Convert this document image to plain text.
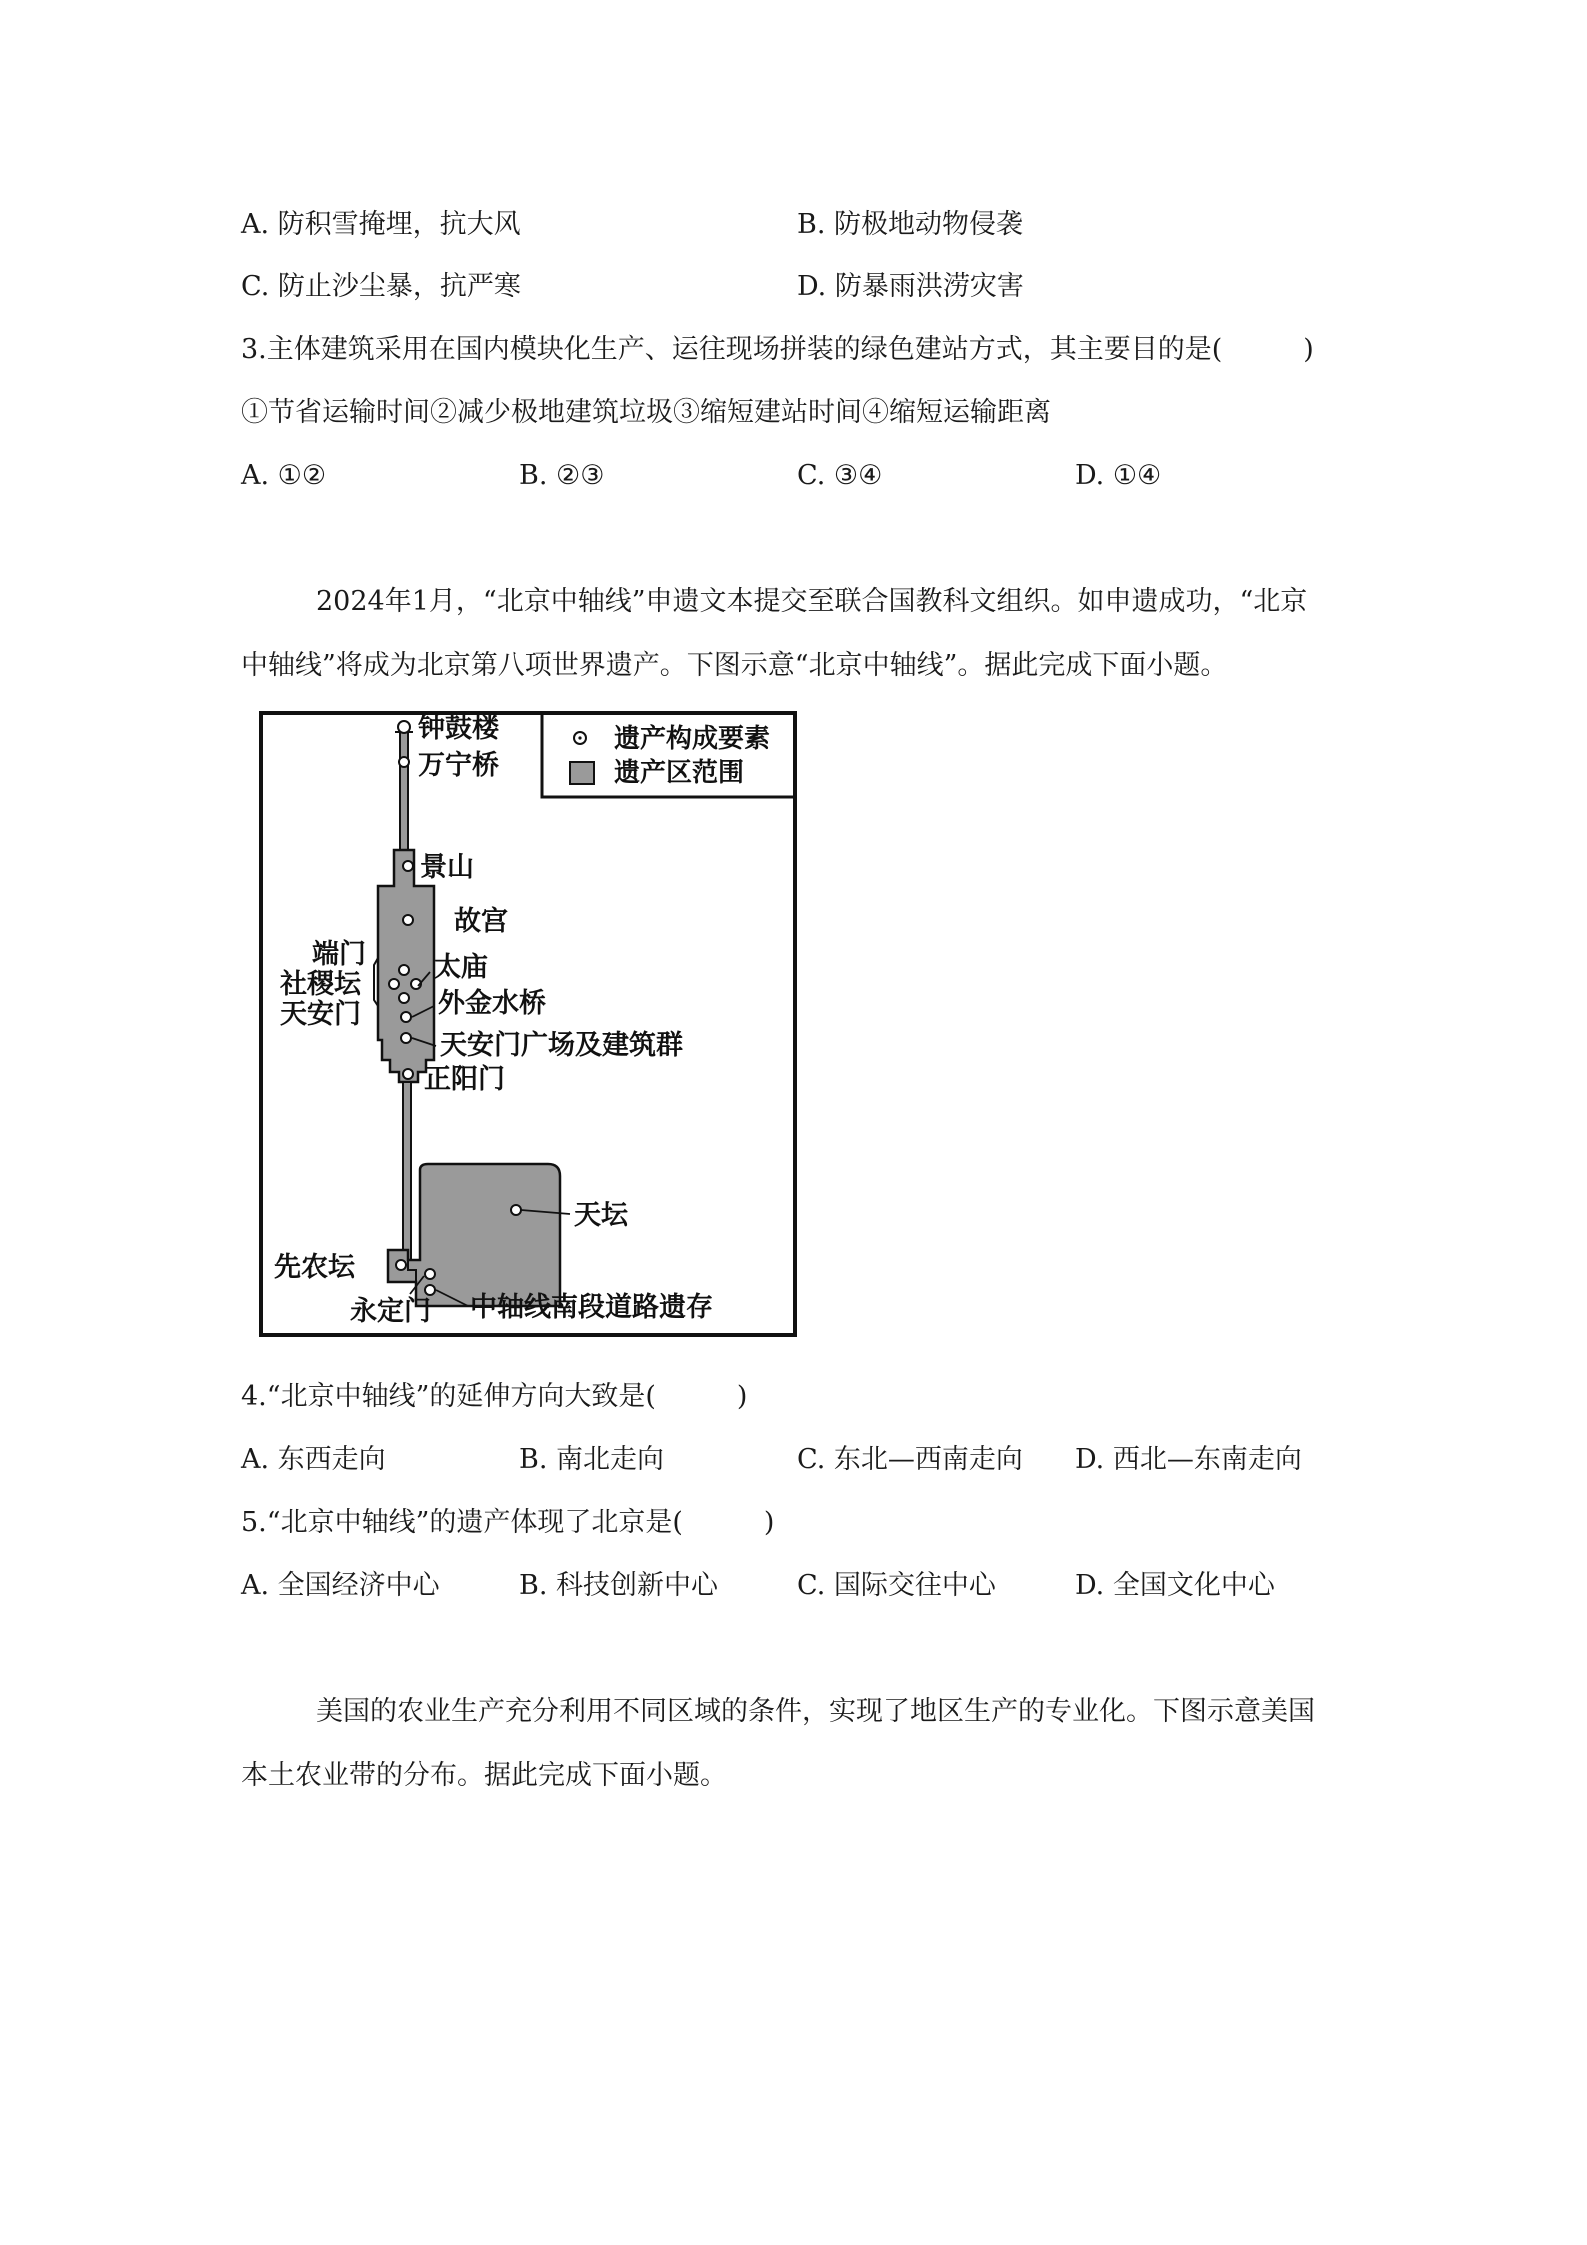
A. 防积雪掩埋，抗大风	B. 防极地动物侵袭
C. 防止沙尘暴，抗严寒	D. 防暴雨洪涝灾害
3.主体建筑采用在国内模块化生产、运往现场拼装的绿色建站方式，其主要目的是(　　　)
①节省运输时间②减少极地建筑垃圾③缩短建站时间④缩短运输距离
A. ①②	B. ②③	C. ③④	D. ①④
2024年1月，“北京中轴线”申遗文本提交至联合国教科文组织。如申遗成功，“北京
中轴线”将成为北京第八项世界遗产。下图示意“北京中轴线”。据此完成下面小题。
遗产构成要素
遗产区范围
钟鼓楼
万宁桥
景山
故宫
端门
社稷坛
天安门
太庙
外金水桥
天安门广场及建筑群
正阳门
天坛
先农坛
永定门 中轴线南段道路遗存
4.“北京中轴线”的延伸方向大致是(　　　)
A. 东西走向	B. 南北走向	C. 东北—西南走向 D. 西北—东南走向
5.“北京中轴线”的遗产体现了北京是(　　　)
A. 全国经济中心	B. 科技创新中心	C. 国际交往中心	D. 全国文化中心
美国的农业生产充分利用不同区域的条件，实现了地区生产的专业化。下图示意美国
本土农业带的分布。据此完成下面小题。
